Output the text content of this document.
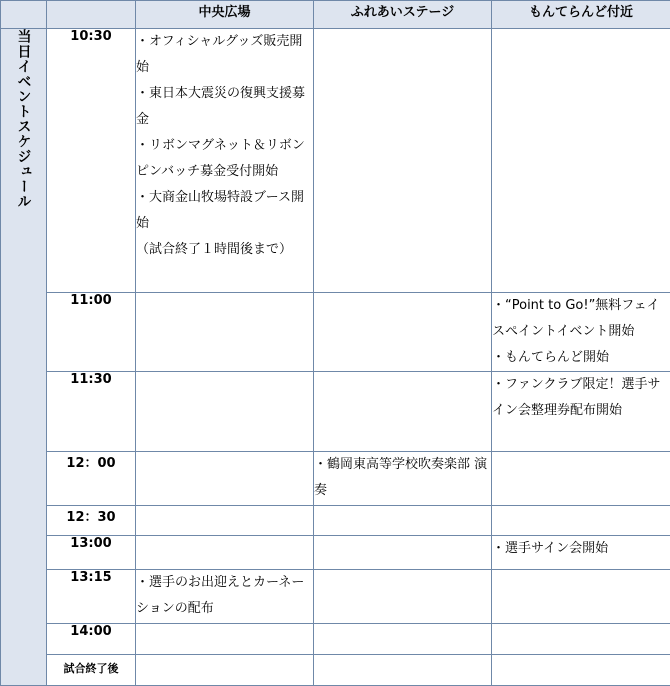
		中央広場	ふれあいステージ	もんてらんど付近
当日イベントスケジュール	10:30	・オフィシャルグッズ販売開始
・東日本大震災の復興支援募金
・リボンマグネット＆リボンピンバッチ募金受付開始
・大商金山牧場特設ブース開始
（試合終了１時間後まで）		

	11:00			・“Point to Go!”無料フェイスペイントイベント開始
・もんてらんど開始

	11:30			・ファンクラブ限定！選手サイン会整理券配布開始

	12：00		・鶴岡東高等学校吹奏楽部 演奏	

	12：30			
	13:00			・選手サイン会開始

	13:15	・選手のお出迎えとカーネーションの配布		

	14:00			
	試合終了後			
